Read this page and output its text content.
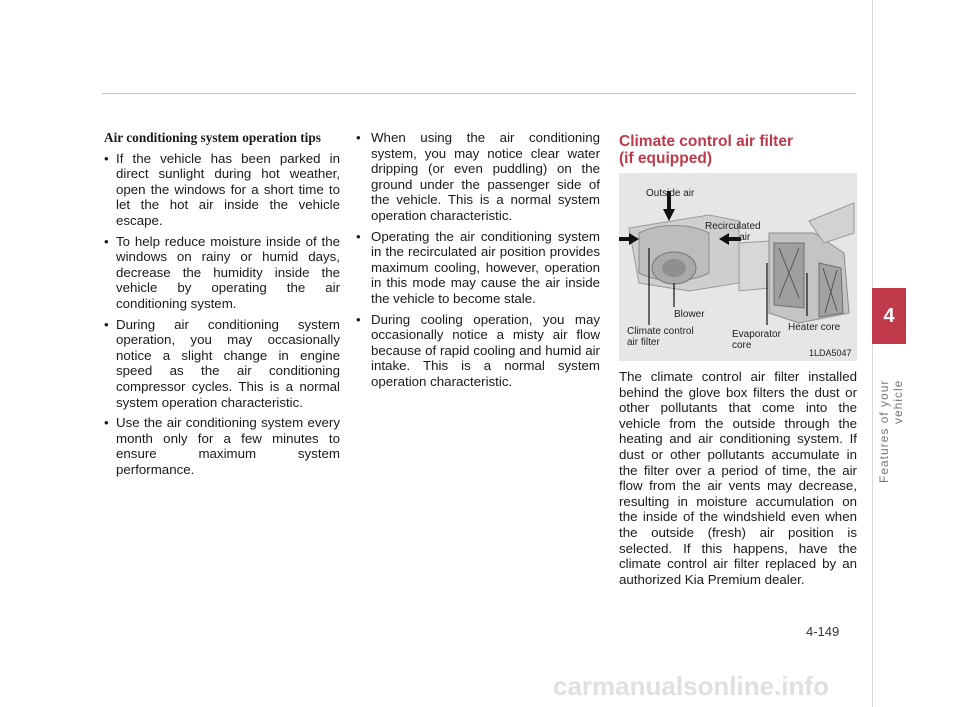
Air conditioning system operation tips

• If the vehicle has been parked in direct sunlight during hot weather, open the windows for a short time to let the hot air inside the vehicle escape.
• To help reduce moisture inside of the windows on rainy or humid days, decrease the humidity inside the vehicle by operating the air conditioning system.
• During air conditioning system operation, you may occasionally notice a slight change in engine speed as the air conditioning compressor cycles. This is a normal system operation characteristic.
• Use the air conditioning system every month only for a few minutes to ensure maximum system performance.
• When using the air conditioning system, you may notice clear water dripping (or even puddling) on the ground under the passenger side of the vehicle. This is a normal system operation characteristic.
• Operating the air conditioning system in the recirculated air position provides maximum cooling, however, operation in this mode may cause the air inside the vehicle to become stale.
• During cooling operation, you may occasionally notice a misty air flow because of rapid cooling and humid air intake. This is a normal system operation characteristic.
Climate control air filter
(if equipped)
Outside air
Recirculated
air
Blower
Heater core
Climate control
air filter
Evaporator
core
1LDA5047

The climate control air filter installed behind the glove box filters the dust or other pollutants that come into the vehicle from the outside through the heating and air conditioning system. If dust or other pollutants accumulate in the filter over a period of time, the air flow from the air vents may decrease, resulting in moisture accumulation on the inside of the windshield even when the outside (fresh) air position is selected. If this happens, have the climate control air filter replaced by an authorized Kia Premium dealer.

4
Features of your vehicle
4-149
carmanualsonline.info
